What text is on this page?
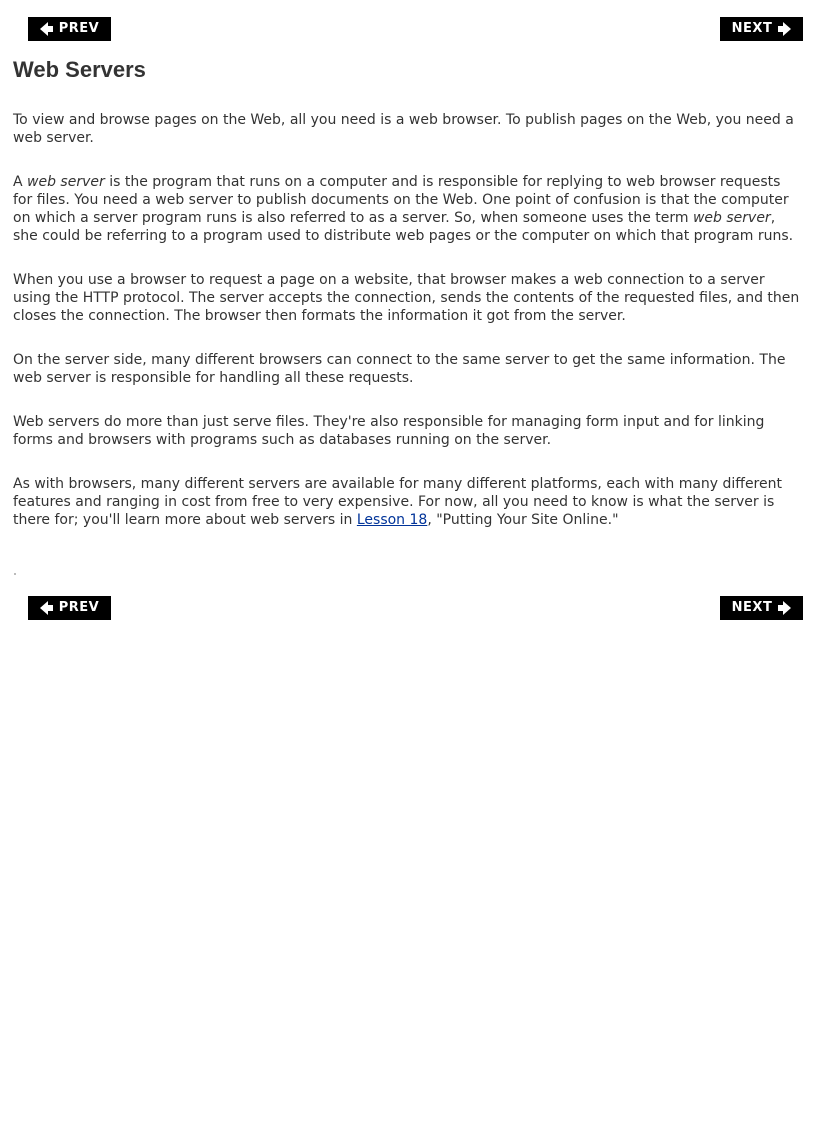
PREV	NEXT
Web Servers

To view and browse pages on the Web, all you need is a web browser. To publish pages on the Web, you need a web server.

A web server is the program that runs on a computer and is responsible for replying to web browser requests for files. You need a web server to publish documents on the Web. One point of confusion is that the computer on which a server program runs is also referred to as a server. So, when someone uses the term web server, she could be referring to a program used to distribute web pages or the computer on which that program runs.

When you use a browser to request a page on a website, that browser makes a web connection to a server using the HTTP protocol. The server accepts the connection, sends the contents of the requested files, and then closes the connection. The browser then formats the information it got from the server.

On the server side, many different browsers can connect to the same server to get the same information. The web server is responsible for handling all these requests.

Web servers do more than just serve files. They're also responsible for managing form input and for linking forms and browsers with programs such as databases running on the server.

As with browsers, many different servers are available for many different platforms, each with many different features and ranging in cost from free to very expensive. For now, all you need to know is what the server is there for; you'll learn more about web servers in Lesson 18, "Putting Your Site Online."

PREV	NEXT
